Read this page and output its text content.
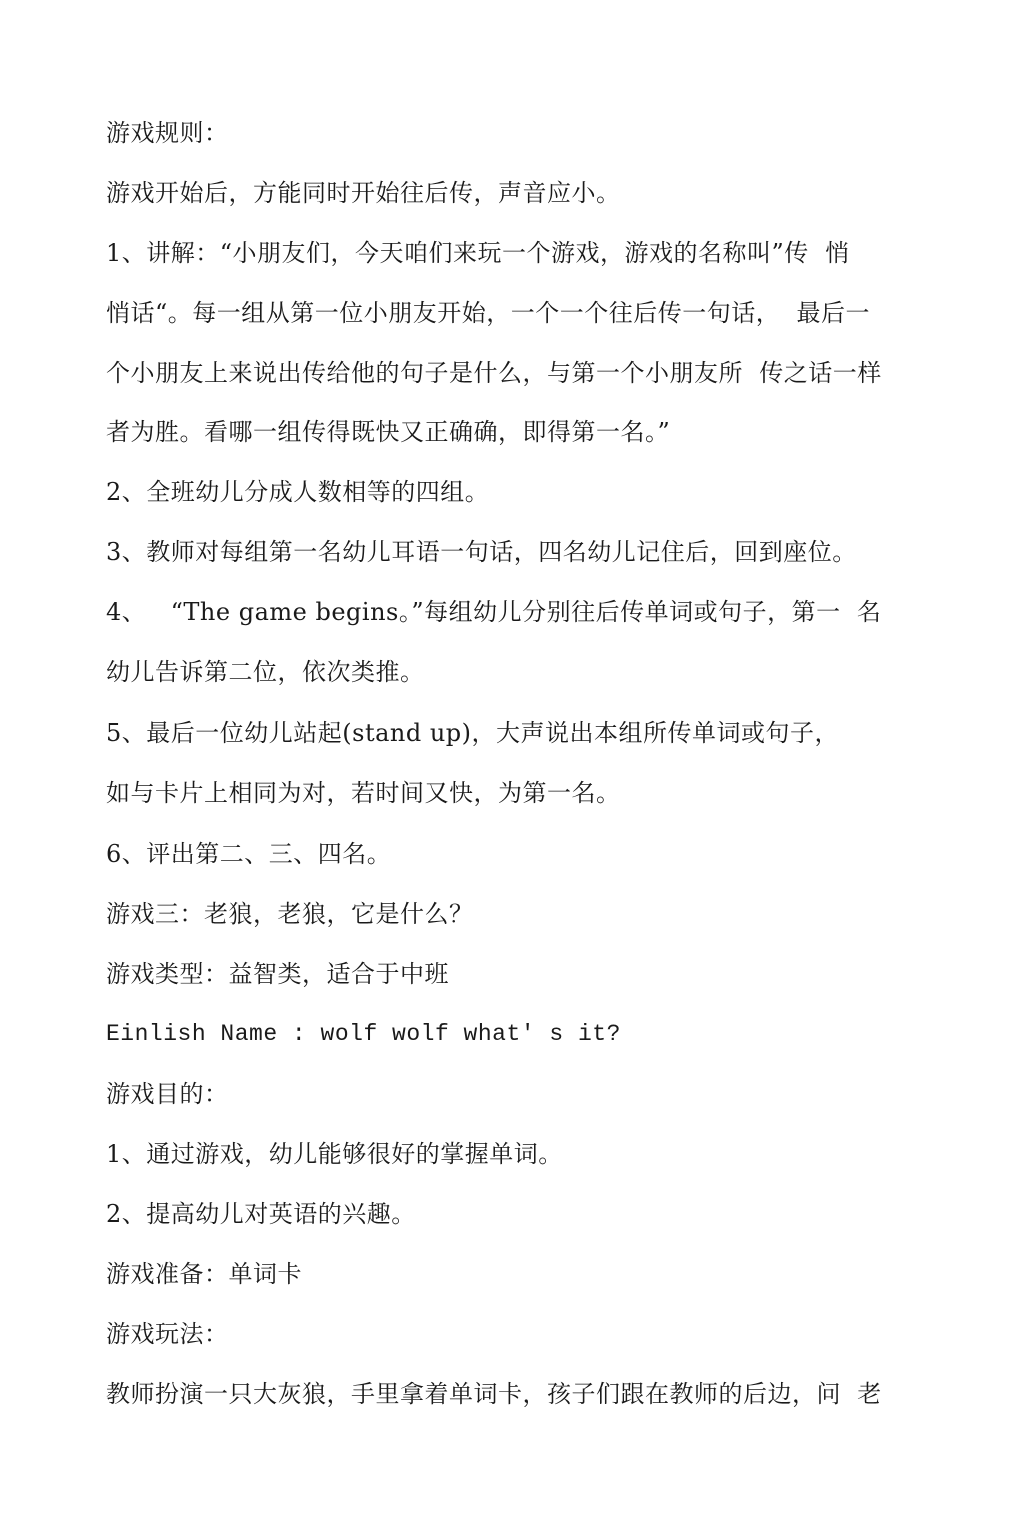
游戏规则：
游戏开始后，方能同时开始往后传，声音应小。
1、讲解：“小朋友们，今天咱们来玩一个游戏，游戏的名称叫”传  悄
悄话“。每一组从第一位小朋友开始，一个一个往后传一句话，  最后一
个小朋友上来说出传给他的句子是什么，与第一个小朋友所  传之话一样
者为胜。看哪一组传得既快又正确确，即得第一名。”
2、全班幼儿分成人数相等的四组。
3、教师对每组第一名幼儿耳语一句话，四名幼儿记住后，回到座位。
4、   “The game begins。”每组幼儿分别往后传单词或句子，第一  名
幼儿告诉第二位，依次类推。
5、最后一位幼儿站起(stand up)，大声说出本组所传单词或句子，
如与卡片上相同为对，若时间又快，为第一名。
6、评出第二、三、四名。
游戏三：老狼，老狼，它是什么？
游戏类型：益智类，适合于中班
Einlish Name : wolf wolf what' s it?
游戏目的：
1、通过游戏，幼儿能够很好的掌握单词。
2、提高幼儿对英语的兴趣。
游戏准备：单词卡
游戏玩法：
教师扮演一只大灰狼，手里拿着单词卡，孩子们跟在教师的后边，问  老
